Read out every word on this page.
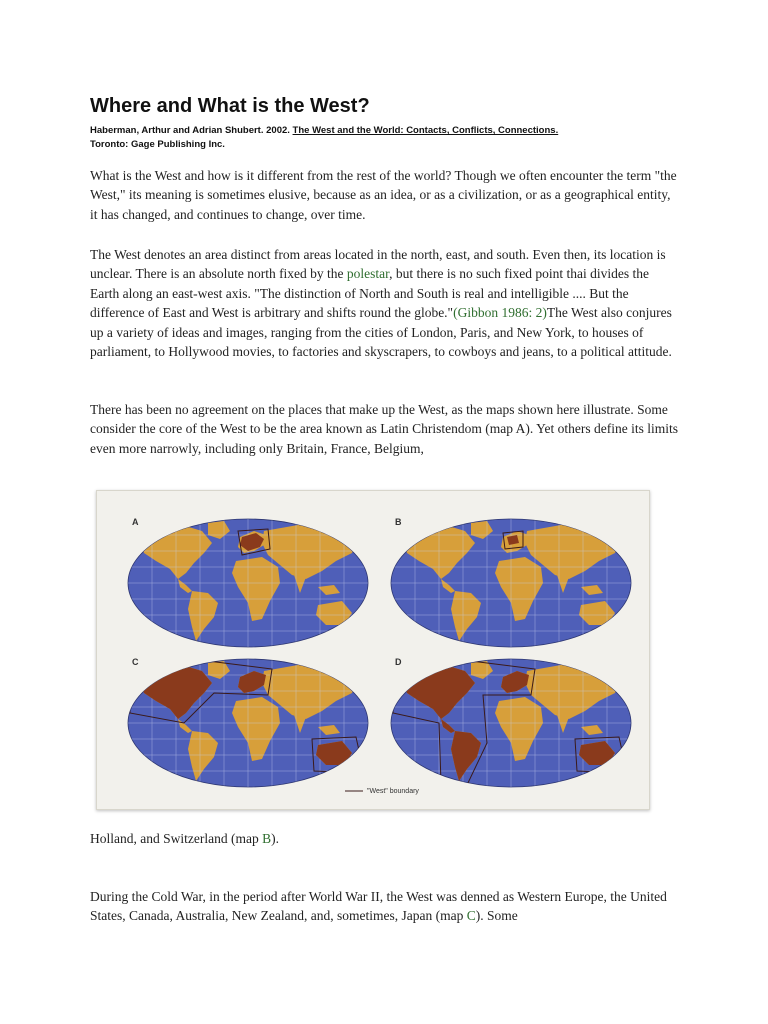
Where and What is the West?
Haberman, Arthur and Adrian Shubert. 2002. The West and the World: Contacts, Conflicts, Connections.
Toronto: Gage Publishing Inc.

What is the West and how is it different from the rest of the world? Though we often encounter the term "the West," its meaning is sometimes elusive, because as an idea, or as a civilization, or as a geographical entity, it has changed, and continues to change, over time.

The West denotes an area distinct from areas located in the north, east, and south. Even then, its location is unclear. There is an absolute north fixed by the polestar, but there is no such fixed point thai divides the Earth along an east-west axis. "The distinction of North and South is real and intelligible .... But the difference of East and West is arbitrary and shifts round the globe."(Gibbon 1986: 2)The West also conjures up a variety of ideas and images, ranging from the cities of London, Paris, and New York, to houses of parliament, to Hollywood movies, to factories and skyscrapers, to cowboys and jeans, to a political attitude.

There has been no agreement on the places that make up the West, as the maps shown here illustrate. Some consider the core of the West to be the area known as Latin Christendom (map A). Yet others define its limits even more narrowly, including only Britain, France, Belgium,

Holland, and Switzerland (map B).

During the Cold War, in the period after World War II, the West was denned as Western Europe, the United States, Canada, Australia, New Zealand, and, sometimes, Japan (map C). Some

A	B
C	D
"West" boundary
